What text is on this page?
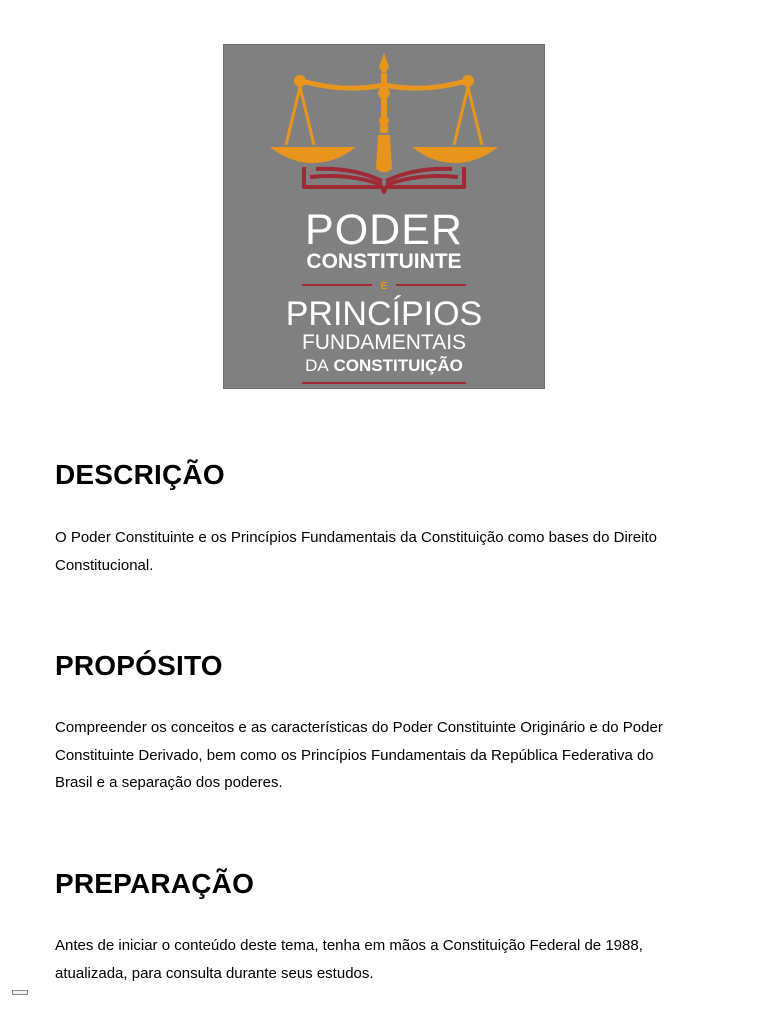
PODER
CONSTITUINTE
E
PRINCÍPIOS
FUNDAMENTAIS
DA CONSTITUIÇÃO
DESCRIÇÃO

O Poder Constituinte e os Princípios Fundamentais da Constituição como bases do Direito
Constitucional.

PROPÓSITO

Compreender os conceitos e as características do Poder Constituinte Originário e do Poder
Constituinte Derivado, bem como os Princípios Fundamentais da República Federativa do
Brasil e a separação dos poderes.

PREPARAÇÃO

Antes de iniciar o conteúdo deste tema, tenha em mãos a Constituição Federal de 1988,
atualizada, para consulta durante seus estudos.
